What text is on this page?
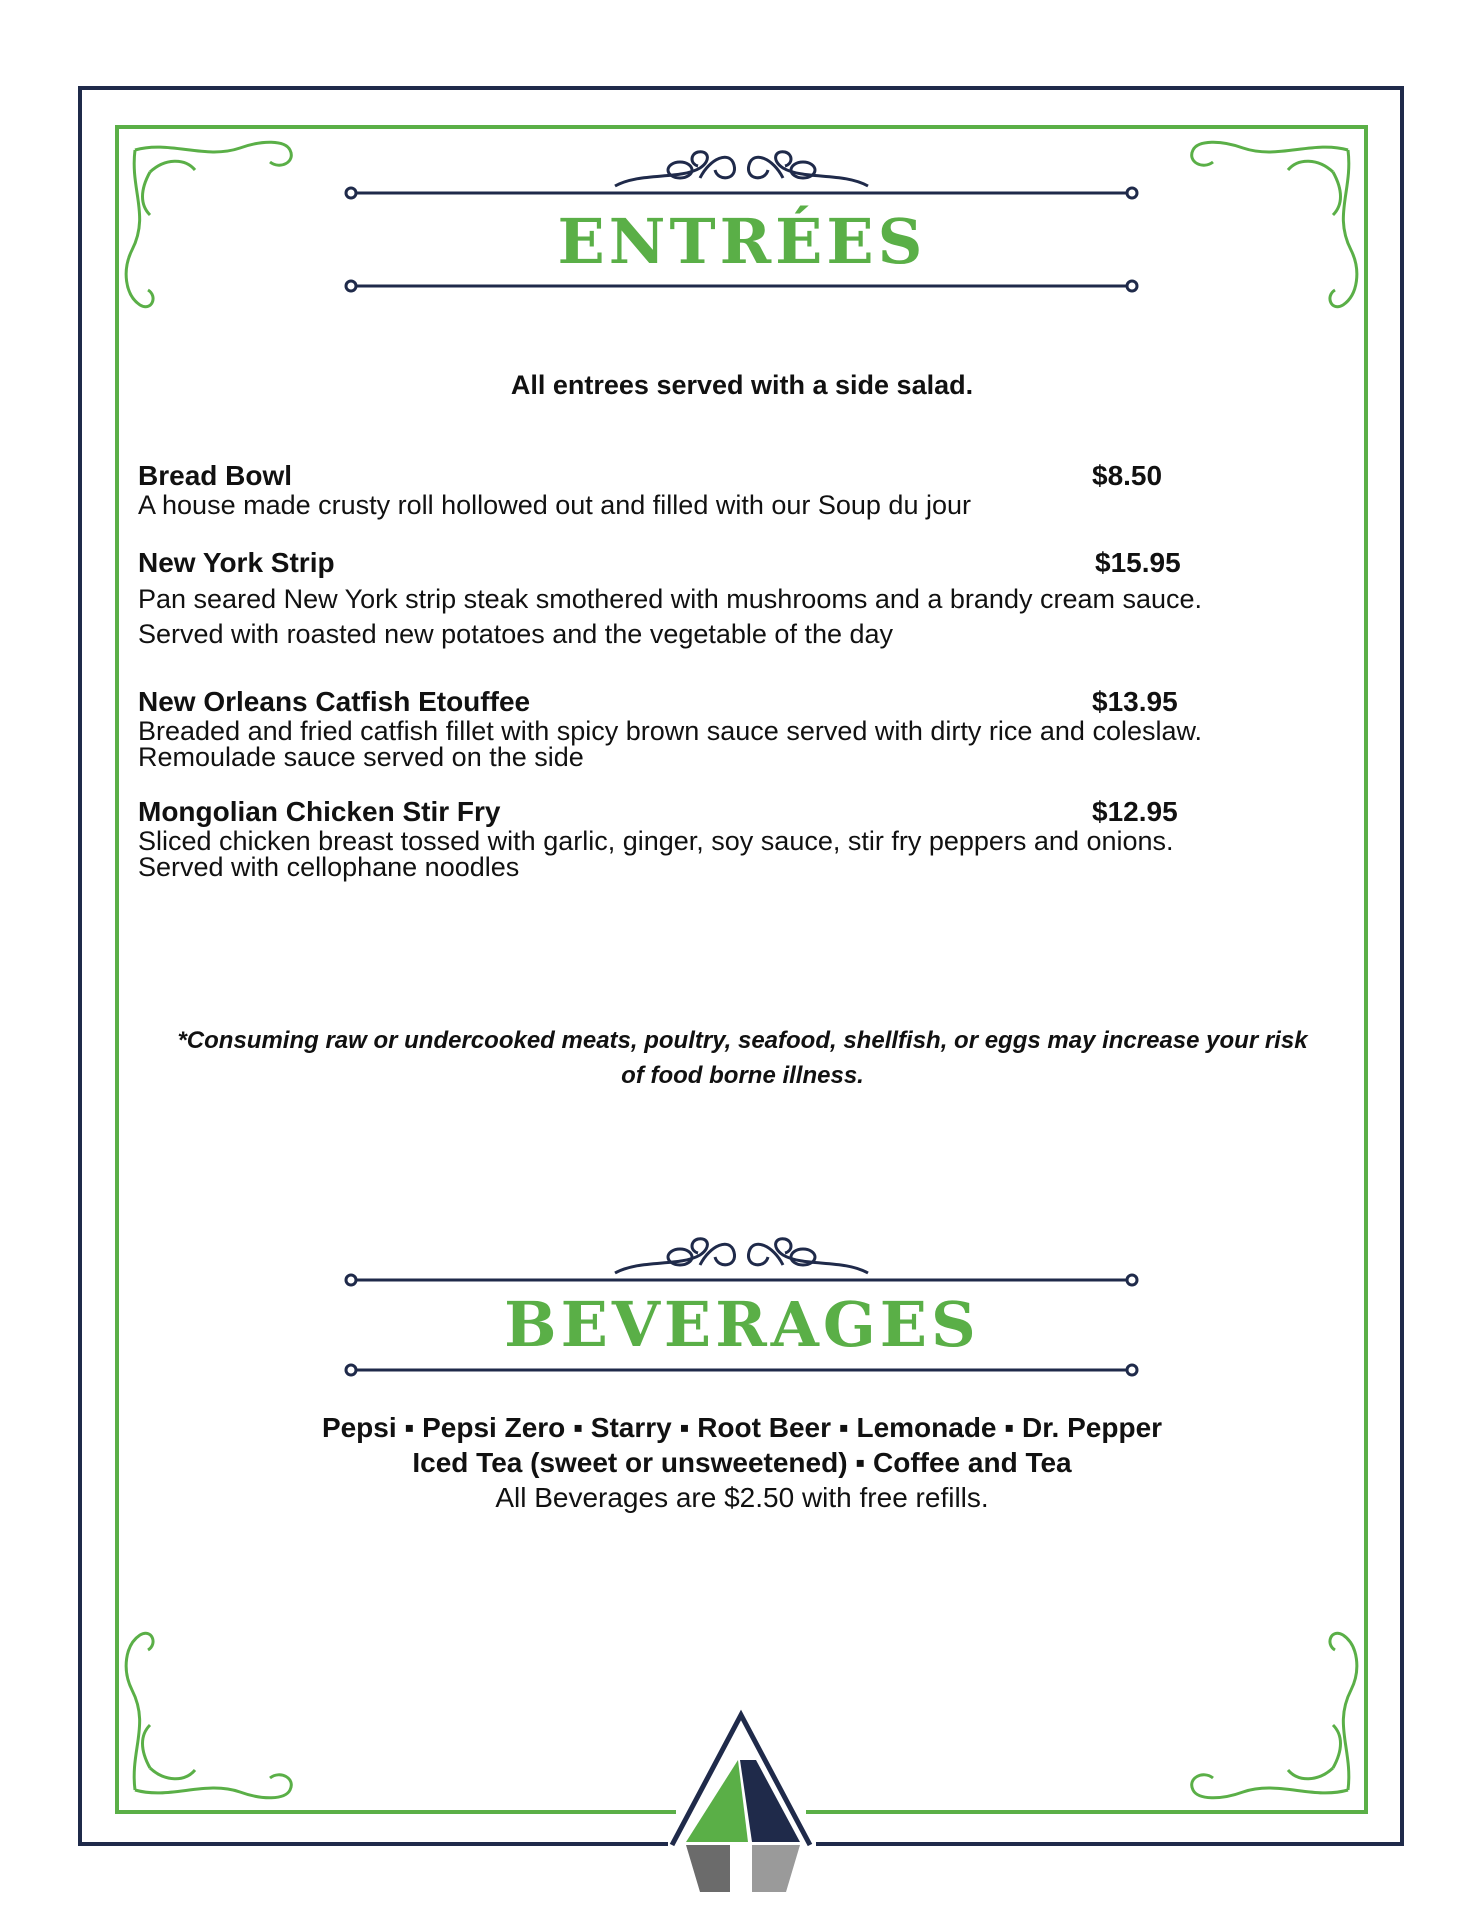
ENTRÉES
All entrees served with a side salad.
Bread Bowl	$8.50
A house made crusty roll hollowed out and filled with our Soup du jour
New York Strip	$15.95
Pan seared New York strip steak smothered with mushrooms and a brandy cream sauce.
Served with roasted new potatoes and the vegetable of the day
New Orleans Catfish Etouffee	$13.95
Breaded and fried catfish fillet with spicy brown sauce served with dirty rice and coleslaw.
Remoulade sauce served on the side
Mongolian Chicken Stir Fry	$12.95
Sliced chicken breast tossed with garlic, ginger, soy sauce, stir fry peppers and onions.
Served with cellophane noodles
*Consuming raw or undercooked meats, poultry, seafood, shellfish, or eggs may increase your risk
of food borne illness.
BEVERAGES
Pepsi ▪ Pepsi Zero ▪ Starry ▪ Root Beer ▪ Lemonade ▪ Dr. Pepper
Iced Tea (sweet or unsweetened) ▪ Coffee and Tea
All Beverages are $2.50 with free refills.
